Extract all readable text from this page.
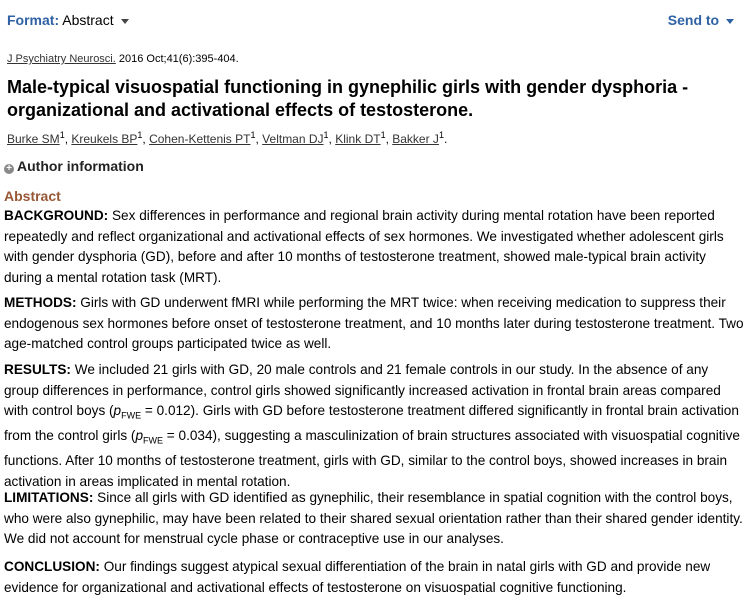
Format: Abstract	Send to
J Psychiatry Neurosci. 2016 Oct;41(6):395-404.
Male-typical visuospatial functioning in gynephilic girls with gender dysphoria - organizational and activational effects of testosterone.
Burke $SM^1$, Kreukels $BP^1$, Cohen-Kettenis $PT^1$, Veltman $DJ^1$, Klink $DT^1$, Bakker $J^1$.
+ Author information
Abstract

BACKGROUND: Sex differences in performance and regional brain activity during mental rotation have been reported repeatedly and reflect organizational and activational effects of sex hormones. We investigated whether adolescent girls with gender dysphoria (GD), before and after 10 months of testosterone treatment, showed male-typical brain activity during a mental rotation task (MRT).

METHODS: Girls with GD underwent fMRI while performing the MRT twice: when receiving medication to suppress their endogenous sex hormones before onset of testosterone treatment, and 10 months later during testosterone treatment. Two age-matched control groups participated twice as well.

RESULTS: We included 21 girls with GD, 20 male controls and 21 female controls in our study. In the absence of any group differences in performance, control girls showed significantly increased activation in frontal brain areas compared with control boys $(p_{FWE} = 0.012)$. Girls with GD before testosterone treatment differed significantly in frontal brain activation from the control girls $(p_{FWE} = 0.034)$, suggesting a masculinization of brain structures associated with visuospatial cognitive functions. After 10 months of testosterone treatment, girls with GD, similar to the control boys, showed increases in brain activation in areas implicated in mental rotation.

LIMITATIONS: Since all girls with GD identified as gynephilic, their resemblance in spatial cognition with the control boys, who were also gynephilic, may have been related to their shared sexual orientation rather than their shared gender identity. We did not account for menstrual cycle phase or contraceptive use in our analyses.

CONCLUSION: Our findings suggest atypical sexual differentiation of the brain in natal girls with GD and provide new evidence for organizational and activational effects of testosterone on visuospatial cognitive functioning.
